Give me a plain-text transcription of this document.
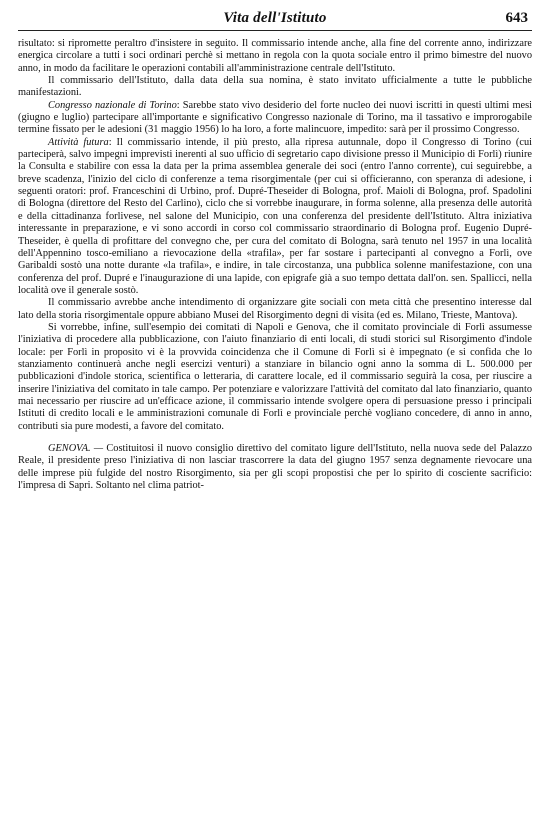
Vita dell'Istituto	643

risultato: si ripromette peraltro d'insistere in seguito. Il commissario intende anche, alla fine del corrente anno, indirizzare energica circolare a tutti i soci ordinari perchè si mettano in regola con la quota sociale entro il primo bimestre del nuovo anno, in modo da facilitare le operazioni contabili all'amministrazione centrale dell'Istituto.

Il commissario dell'Istituto, dalla data della sua nomina, è stato invitato ufficialmente a tutte le pubbliche manifestazioni.

Congresso nazionale di Torino: Sarebbe stato vivo desiderio del forte nucleo dei nuovi iscritti in questi ultimi mesi (giugno e luglio) partecipare all'importante e significativo Congresso nazionale di Torino, ma il tassativo e improrogabile termine fissato per le adesioni (31 maggio 1956) lo ha loro, a forte malincuore, impedito: sarà per il prossimo Congresso.

Attività futura: Il commissario intende, il più presto, alla ripresa autunnale, dopo il Congresso di Torino (cui parteciperà, salvo impegni imprevisti inerenti al suo ufficio di segretario capo divisione presso il Municipio di Forlì) riunire la Consulta e stabilire con essa la data per la prima assemblea generale dei soci (entro l'anno corrente), cui seguirebbe, a breve scadenza, l'inizio del ciclo di conferenze a tema risorgimentale (per cui si officieranno, con speranza di adesione, i seguenti oratori: prof. Franceschini di Urbino, prof. Dupré-Theseider di Bologna, prof. Maioli di Bologna, prof. Spadolini di Bologna (direttore del Resto del Carlino), ciclo che si vorrebbe inaugurare, in forma solenne, alla presenza delle autorità e della cittadinanza forlivese, nel salone del Municipio, con una conferenza del presidente dell'Istituto. Altra iniziativa interessante in preparazione, e vi sono accordi in corso col commissario straordinario di Bologna prof. Eugenio Dupré-Theseider, è quella di profittare del convegno che, per cura del comitato di Bologna, sarà tenuto nel 1957 in una località dell'Appennino tosco-emiliano a rievocazione della «trafila», per far sostare i partecipanti al convegno a Forlì, ove Garibaldi sostò una notte durante «la trafila», e indire, in tale circostanza, una pubblica solenne manifestazione, con una conferenza del prof. Dupré e l'inaugurazione di una lapide, con epigrafe già a suo tempo dettata dall'on. sen. Spallicci, nella località ove il generale sostò.

Il commissario avrebbe anche intendimento di organizzare gite sociali con meta città che presentino interesse dal lato della storia risorgimentale oppure abbiano Musei del Risorgimento degni di visita (ed es. Milano, Trieste, Mantova).

Si vorrebbe, infine, sull'esempio dei comitati di Napoli e Genova, che il comitato provinciale di Forlì assumesse l'iniziativa di procedere alla pubblicazione, con l'aiuto finanziario di enti locali, di studi storici sul Risorgimento d'indole locale: per Forlì in proposito vi è la provvida coincidenza che il Comune di Forlì si è impegnato (e si confida che lo stanziamento continuerà anche negli esercizi venturi) a stanziare in bilancio ogni anno la somma di L. 500.000 per pubblicazioni d'indole storica, scientifica o letteraria, di carattere locale, ed il commissario seguirà la cosa, per riuscire a inserire l'iniziativa del comitato in tale campo. Per potenziare e valorizzare l'attività del comitato dal lato finanziario, quanto mai necessario per riuscire ad un'efficace azione, il commissario intende svolgere opera di persuasione presso i principali Istituti di credito locali e le amministrazioni comunale di Forlì e provinciale perchè vogliano concedere, di anno in anno, contributi sia pure modesti, a favore del comitato.

GENOVA. — Costituitosi il nuovo consiglio direttivo del comitato ligure dell'Istituto, nella nuova sede del Palazzo Reale, il presidente preso l'iniziativa di non lasciar trascorrere la data del giugno 1957 senza degnamente rievocare una delle imprese più fulgide del nostro Risorgimento, sia per gli scopi propostisi che per lo spirito di cosciente sacrificio: l'impresa di Sapri. Soltanto nel clima patriot-
